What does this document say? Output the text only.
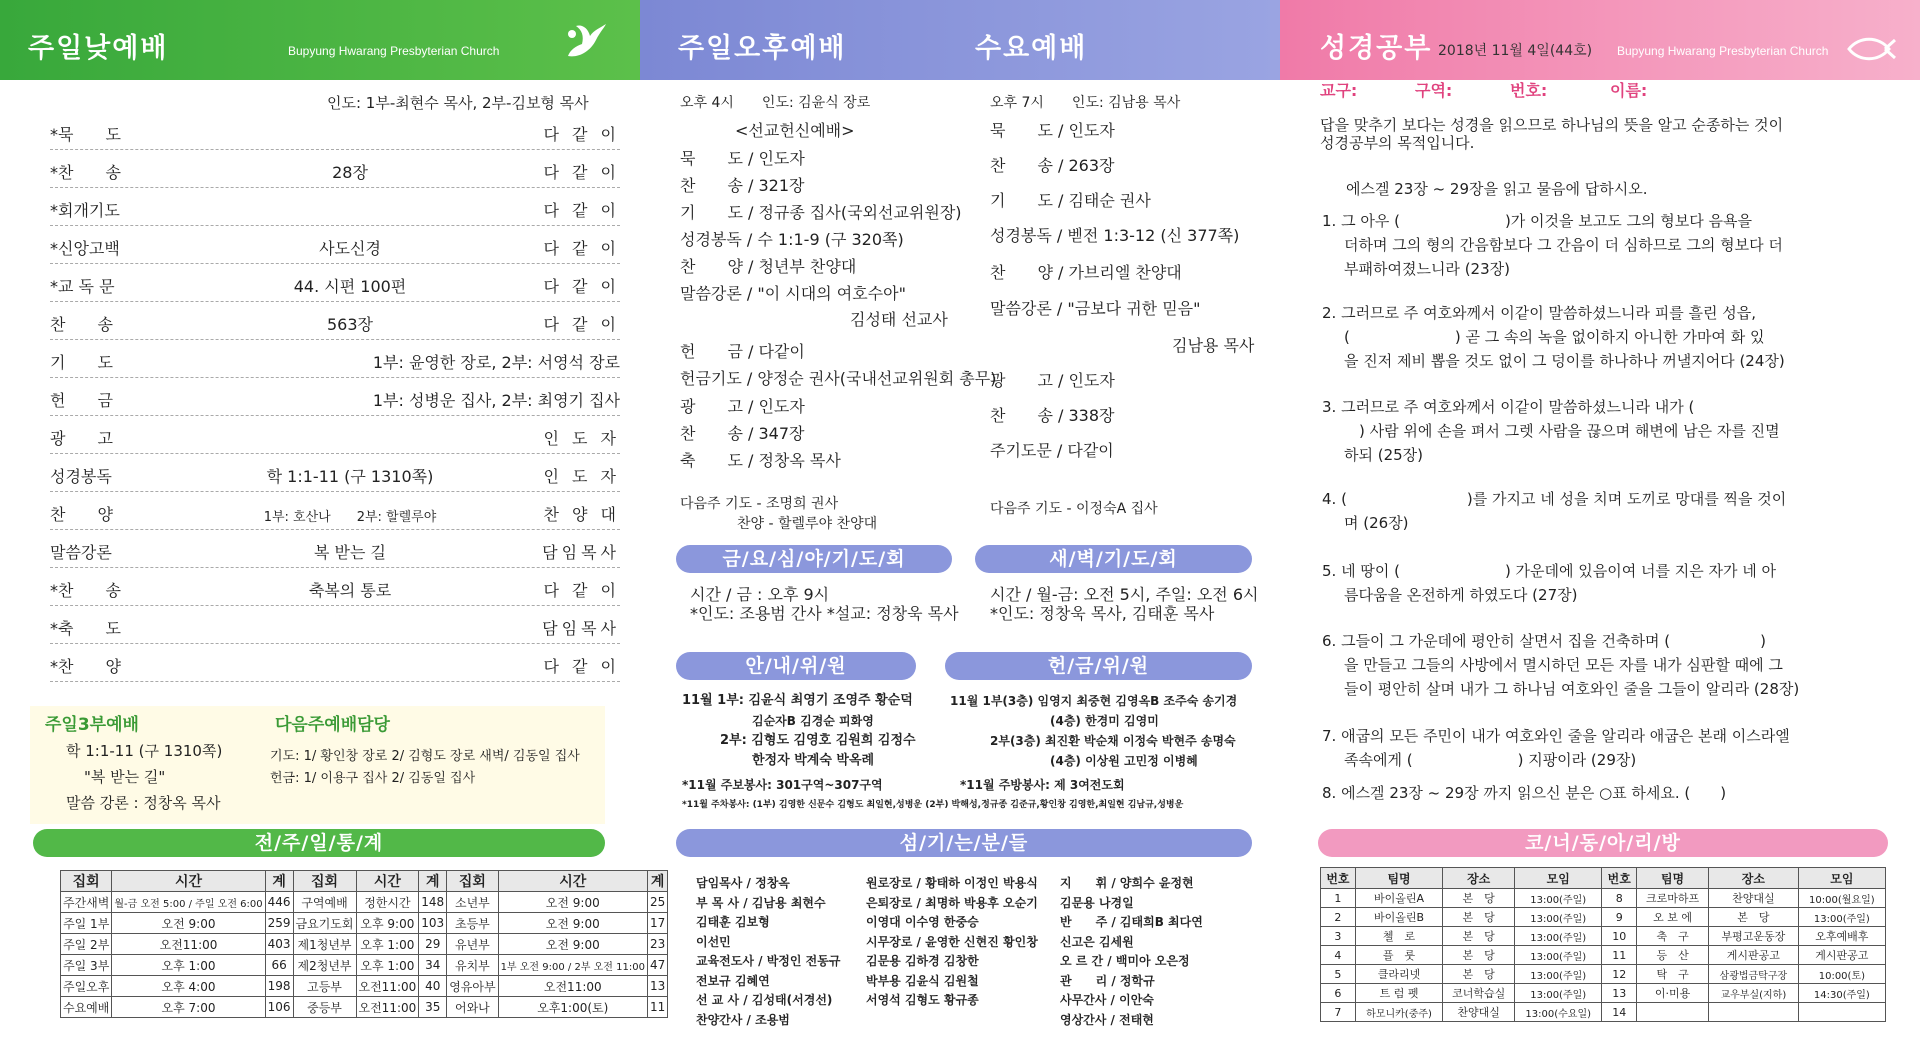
주일낮예배	Bupyung Hwarang Presbyterian Church
인도: 1부-최현수 목사, 2부-김보형 목사
*묵　　도	다 같 이
*찬　　송	28장	다 같 이
*회개기도	다 같 이
*신앙고백	사도신경	다 같 이
*교 독 문	44. 시편 100편	다 같 이
찬　　송	563장	다 같 이
기　　도	1부: 윤영한 장로, 2부: 서영석 장로
헌　　금	1부: 성병운 집사, 2부: 최영기 집사
광　　고	인 도 자
성경봉독	학 1:1-11 (구 1310쪽)	인 도 자
찬　　양	1부: 호산나　　2부: 할렐루야	찬 양 대
말씀강론	복 받는 길	담임목사
*찬　　송	축복의 통로	다 같 이
*축　　도	담임목사
*찬　　양	다 같 이
주일3부예배
학 1:1-11 (구 1310쪽)
"복 받는 길"
말씀 강론 : 정창옥 목사
다음주예배담당
기도: 1/ 황인창 장로 2/ 김형도 장로 새벽/ 김동일 집사
헌금: 1/ 이용구 집사 2/ 김동일 집사
전/주/일/통/계
집회	시간	계	집회	시간	계	집회	시간	계
주간새벽	월-금 오전 5:00 / 주일 오전 6:00	446	구역예배	정한시간	148	소년부	오전 9:00	25
주일 1부	오전 9:00	259	금요기도회	오후 9:00	103	초등부	오전 9:00	17
주일 2부	오전11:00	403	제1청년부	오후 1:00	29	유년부	오전 9:00	23
주일 3부	오후 1:00	66	제2청년부	오후 1:00	34	유치부	1부 오전 9:00 / 2부 오전 11:00	47
주일오후	오후 4:00	198	고등부	오전11:00	40	영유아부	오전11:00	13
수요예배	오후 7:00	106	중등부	오전11:00	35	어와나	오후1:00(토)	11
주일오후예배	수요예배
오후 4시　　인도: 김윤식 장로
<선교헌신예배>
묵　　도 / 인도자
찬　　송 / 321장
기　　도 / 정규종 집사(국외선교위원장)
성경봉독 / 수 1:1-9 (구 320쪽)
찬　　양 / 청년부 찬양대
말씀강론 / "이 시대의 여호수아"
김성태 선교사
헌　　금 / 다같이
헌금기도 / 양정순 권사(국내선교위원회 총무)
광　　고 / 인도자
찬　　송 / 347장
축　　도 / 정창옥 목사
다음주 기도 - 조명희 권사
찬양 - 할렐루야 찬양대
오후 7시　　인도: 김남용 목사
묵　　도 / 인도자
찬　　송 / 263장
기　　도 / 김태순 권사
성경봉독 / 벧전 1:3-12 (신 377쪽)
찬　　양 / 가브리엘 찬양대
말씀강론 / "금보다 귀한 믿음"
김남용 목사
광　　고 / 인도자
찬　　송 / 338장
주기도문 / 다같이
다음주 기도 - 이정숙A 집사
금/요/심/야/기/도/회	새/벽/기/도/회
시간 / 금 : 오후 9시
*인도: 조용범 간사 *설교: 정창욱 목사
시간 / 월-금: 오전 5시, 주일: 오전 6시
*인도: 정창욱 목사, 김태훈 목사
안/내/위/원	헌/금/위/원
11월 1부: 김윤식 최영기 조영주 황순덕
김순자B 김경순 피화영
2부: 김형도 김영호 김원희 김정수
한정자 박계숙 박옥례
11월 1부(3층) 임영지 최중현 김영옥B 조주숙 송기경
(4층) 한경미 김영미
2부(3층) 최진환 박순채 이정숙 박현주 송명숙
(4층) 이상원 고민정 이병혜
*11월 주보봉사: 301구역~307구역	*11월 주방봉사: 제 3여전도회
*11월 주차봉사: (1부) 김영한 신문수 김형도 최일현,성병운 (2부) 박해성,정규종 김준규,황인창 김영한,최일현 김남규,성병운
섬/기/는/분/들
담임목사 / 정창옥
부 목 사 / 김남용 최현수
김태훈 김보형
이선민
교육전도사 / 박정인 전동규
전보규 김혜연
선 교 사 / 김성태(서경선)
찬양간사 / 조용범
원로장로 / 황태하 이정인 박용식
은퇴장로 / 최명하 박용후 오순기
이영대 이수영 한중승
시무장로 / 윤영한 신현진 황인창
김문용 김하경 김창한
박부용 김윤식 김원철
서영석 김형도 황규종
지　　휘 / 양희수 윤정현
김문용 나경일
반　　주 / 김태희B 최다연
신고은 김세원
오 르 간 / 백미아 오은정
관　　리 / 정학규
사무간사 / 이안숙
영상간사 / 전태현
성경공부 2018년 11월 4일(44호) Bupyung Hwarang Presbyterian Church
교구:	구역:	번호:	이름:
답을 맞추기 보다는 성경을 읽으므로 하나님의 뜻을 알고 순종하는 것이
성경공부의 목적입니다.
에스겔 23장 ~ 29장을 읽고 물음에 답하시오.
1. 그 아우 (　　　　　　　)가 이것을 보고도 그의 형보다 음욕을
더하며 그의 형의 간음함보다 그 간음이 더 심하므로 그의 형보다 더
부패하여졌느니라 (23장)
2. 그러므로 주 여호와께서 이같이 말씀하셨느니라 피를 흘린 성읍,
(　　　　　　　) 곧 그 속의 녹을 없이하지 아니한 가마여 화 있
을 진저 제비 뽑을 것도 없이 그 덩이를 하나하나 꺼낼지어다 (24장)
3. 그러므로 주 여호와께서 이같이 말씀하셨느니라 내가 (
　) 사람 위에 손을 펴서 그렛 사람을 끊으며 해변에 남은 자를 진멸
하되 (25장)
4. (　　　　　　　　)를 가지고 네 성을 치며 도끼로 망대를 찍을 것이
며 (26장)
5. 네 땅이 (　　　　　　　) 가운데에 있음이여 너를 지은 자가 네 아
름다움을 온전하게 하였도다 (27장)
6. 그들이 그 가운데에 평안히 살면서 집을 건축하며 (　　　　　　)
을 만들고 그들의 사방에서 멸시하던 모든 자를 내가 심판할 때에 그
들이 평안히 살며 내가 그 하나님 여호와인 줄을 그들이 알리라 (28장)
7. 애굽의 모든 주민이 내가 여호와인 줄을 알리라 애굽은 본래 이스라엘
족속에게 (　　　　　　　) 지팡이라 (29장)
8. 에스겔 23장 ~ 29장 까지 읽으신 분은 ○표 하세요. (　　)
코/너/동/아/리/방
번호	팀명	장소	모임	번호	팀명	장소	모임
1	바이올린A	본　당	13:00(주일)	8	크로마하프	찬양대실	10:00(월요일)
2	바이올린B	본　당	13:00(주일)	9	오 보 에	본　당	13:00(주일)
3	첼　로	본　당	13:00(주일)	10	축　구	부평고운동장	오후예배후
4	플　룻	본　당	13:00(주일)	11	등　산	게시판공고	게시판공고
5	클라리넷	본　당	13:00(주일)	12	탁　구	삼광법금탁구장	10:00(토)
6	트 럼 펫	코너학습실	13:00(주일)	13	이·미용	교우부실(지하)	14:30(주일)
7	하모니카(중주)	찬양대실	13:00(수요일)	14			
